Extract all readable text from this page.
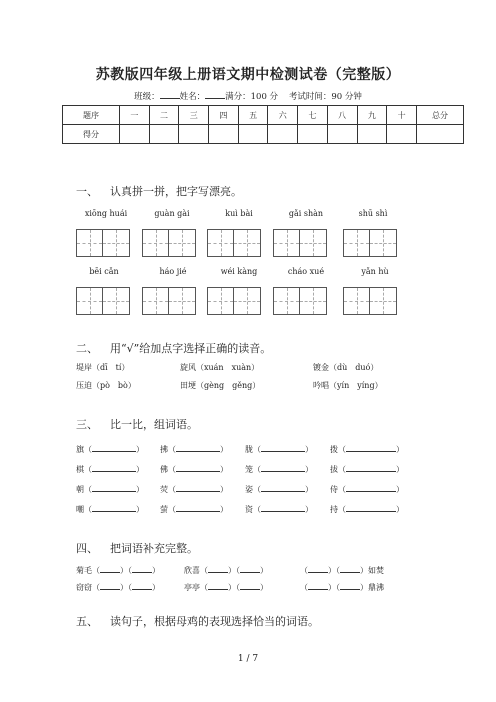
苏教版四年级上册语文期中检测试卷（完整版）
班级： 姓名： 满分：100 分 考试时间：90 分钟
题序	一	二	三	四	五	六	七	八	九	十	总分
得分											
一、 认真拼一拼，把字写漂亮。
xiōng huái	guàn gài	kuì bài	gǎi shàn	shū shì
bēi cǎn	háo jié	wéi kàng	cháo xué	yǎn hù
二、 用“√”给加点字选择正确的读音。
堤岸（dī　tí）	旋风（xuán　xuàn）	镀金（dù　duó）
压迫（pò　bò）	田埂（gèng　gěng）	吟唱（yín　yíng）
三、 比一比，组词语。
旗（	） 拂（	） 胧（	） 拨（	）
棋（	） 佛（	） 笼（	） 拔（	）
朝（	） 荧（	） 姿（	） 侍（	）
嘲（	） 萤（	） 资（	） 持（	）
四、 把词语补充完整。
菊毛（	）（	）	欣喜（	）（	）	（	）（	）如焚
窃窃（	）（	）	亭亭（	）（	）	（	）（	）鼎沸
五、 读句子，根据母鸡的表现选择恰当的词语。
1 / 7
